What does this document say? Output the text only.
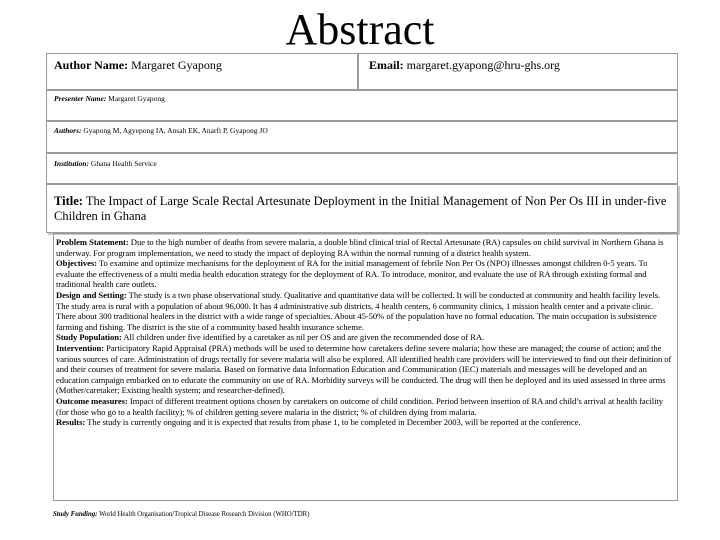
Abstract
Author Name: Margaret Gyapong	Email: margaret.gyapong@hru-ghs.org
Presenter Name: Margaret Gyapong
Authors: Gyapong M, Agyepong IA, Ansah EK, Anarfi P, Gyapong JO
Institution: Ghana Health Service
Title: The Impact of Large Scale Rectal Artesunate Deployment in the Initial Management of Non Per Os III in under-five Children in Ghana

Problem Statement: Due to the high number of deaths from severe malaria, a double blind clinical trial of Rectal Artesunate (RA) capsules on child survival in Northern Ghana is underway. For program implementation, we need to study the impact of deploying RA within the normal running of a district health system.

Objectives: To examine and optimize mechanisms for the deployment of RA for the initial management of febrile Non Per Os (NPO) illnesses amongst children 0-5 years. To evaluate the effectiveness of a multi media health education strategy for the deployment of RA. To introduce, monitor, and evaluate the use of RA through existing formal and traditional health care outlets.

Design and Setting: The study is a two phase observational study. Qualitative and quantitative data will be collected. It will be conducted at community and health facility levels. The study area is rural with a population of about 96,000. It has 4 administrative sub districts, 4 health centers, 6 community clinics, 1 mission health center and a private clinic. There about 300 traditional healers in the district with a wide range of specialties. About 45-50% of the population have no formal education. The main occupation is subsistence farming and fishing. The district is the site of a community based health insurance scheme.

Study Population: All children under five identified by a caretaker as nil per OS and are given the recommended dose of RA.

Intervention: Participatory Rapid Appraisal (PRA) methods will be used to determine how caretakers define severe malaria; how these are managed; the course of action; and the various sources of care. Administration of drugs rectally for severe malaria will also be explored. All identified health care providers will be interviewed to find out their definition of and their courses of treatment for severe malaria. Based on formative data Information Education and Communication (IEC) materials and messages will be developed and an education campaign embarked on to educate the community on use of RA. Morbidity surveys will be conducted. The drug will then be deployed and its used assessed in three arms (Mother/caretaker; Existing health system; and researcher-defined).

Outcome measures: Impact of different treatment options chosen by caretakers on outcome of child condition. Period between insertion of RA and child’s arrival at health facility (for those who go to a health facility); % of children getting severe malaria in the district; % of children dying from malaria.

Results: The study is currently ongoing and it is expected that results from phase 1, to be completed in December 2003, will be reported at the conference.

Study Funding: World Health Organisation/Tropical Disease Research Division (WHO/TDR)
